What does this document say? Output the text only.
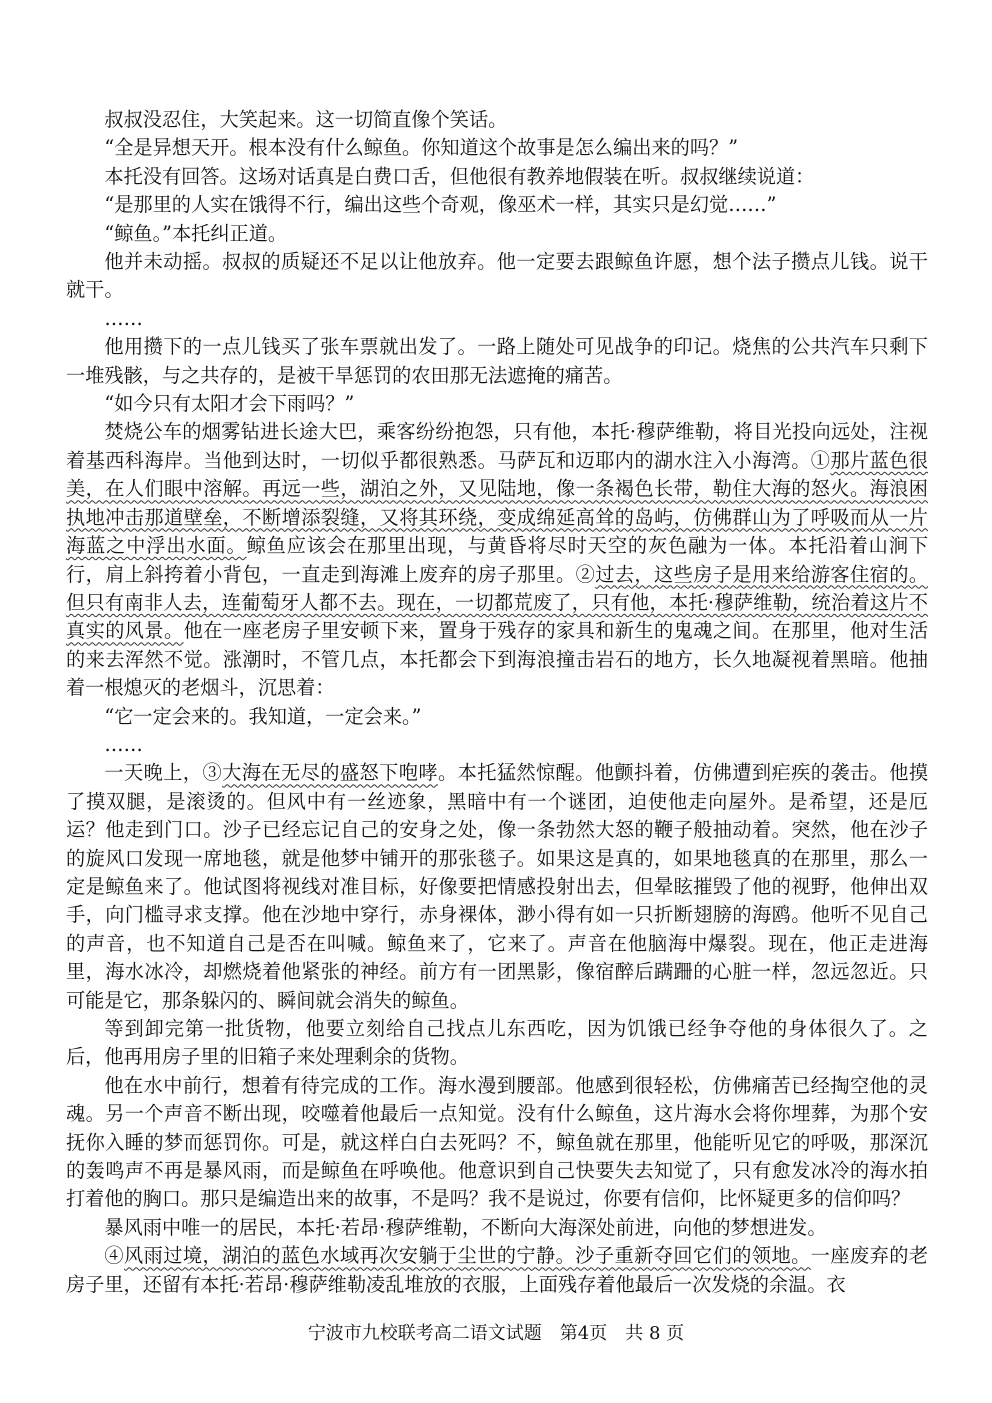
叔叔没忍住，大笑起来。这一切简直像个笑话。

“全是异想天开。根本没有什么鲸鱼。你知道这个故事是怎么编出来的吗？”

本托没有回答。这场对话真是白费口舌，但他很有教养地假装在听。叔叔继续说道：

“是那里的人实在饿得不行，编出这些个奇观，像巫术一样，其实只是幻觉……”

“鲸鱼。”本托纠正道。

他并未动摇。叔叔的质疑还不足以让他放弃。他一定要去跟鲸鱼许愿，想个法子攒点儿钱。说干就干。

……

他用攒下的一点儿钱买了张车票就出发了。一路上随处可见战争的印记。烧焦的公共汽车只剩下一堆残骸，与之共存的，是被干旱惩罚的农田那无法遮掩的痛苦。

“如今只有太阳才会下雨吗？”

焚烧公车的烟雾钻进长途大巴，乘客纷纷抱怨，只有他，本托·穆萨维勒，将目光投向远处，注视着基西科海岸。当他到达时，一切似乎都很熟悉。马萨瓦和迈耶内的湖水注入小海湾。①那片蓝色很美，在人们眼中溶解。再远一些，湖泊之外，又见陆地，像一条褐色长带，勒住大海的怒火。海浪困执地冲击那道壁垒，不断增添裂缝，又将其环绕，变成绵延高耸的岛屿，仿佛群山为了呼吸而从一片海蓝之中浮出水面。鲸鱼应该会在那里出现，与黄昏将尽时天空的灰色融为一体。本托沿着山涧下行，肩上斜挎着小背包，一直走到海滩上废弃的房子那里。②过去，这些房子是用来给游客住宿的。但只有南非人去，连葡萄牙人都不去。现在，一切都荒废了，只有他，本托·穆萨维勒，统治着这片不真实的风景。他在一座老房子里安顿下来，置身于残存的家具和新生的鬼魂之间。在那里，他对生活的来去浑然不觉。涨潮时，不管几点，本托都会下到海浪撞击岩石的地方，长久地凝视着黑暗。他抽着一根熄灭的老烟斗，沉思着：

“它一定会来的。我知道，一定会来。”

……

一天晚上，③大海在无尽的盛怒下咆哮。本托猛然惊醒。他颤抖着，仿佛遭到疟疾的袭击。他摸了摸双腿，是滚烫的。但风中有一丝迹象，黑暗中有一个谜团，迫使他走向屋外。是希望，还是厄运？他走到门口。沙子已经忘记自己的安身之处，像一条勃然大怒的鞭子般抽动着。突然，他在沙子的旋风口发现一席地毯，就是他梦中铺开的那张毯子。如果这是真的，如果地毯真的在那里，那么一定是鲸鱼来了。他试图将视线对准目标，好像要把情感投射出去，但晕眩摧毁了他的视野，他伸出双手，向门槛寻求支撑。他在沙地中穿行，赤身裸体，渺小得有如一只折断翅膀的海鸥。他听不见自己的声音，也不知道自己是否在叫喊。鲸鱼来了，它来了。声音在他脑海中爆裂。现在，他正走进海里，海水冰冷，却燃烧着他紧张的神经。前方有一团黑影，像宿醉后蹒跚的心脏一样，忽远忽近。只可能是它，那条躲闪的、瞬间就会消失的鲸鱼。

等到卸完第一批货物，他要立刻给自己找点儿东西吃，因为饥饿已经争夺他的身体很久了。之后，他再用房子里的旧箱子来处理剩余的货物。

他在水中前行，想着有待完成的工作。海水漫到腰部。他感到很轻松，仿佛痛苦已经掏空他的灵魂。另一个声音不断出现，咬噬着他最后一点知觉。没有什么鲸鱼，这片海水会将你埋葬，为那个安抚你入睡的梦而惩罚你。可是，就这样白白去死吗？不，鲸鱼就在那里，他能听见它的呼吸，那深沉的轰鸣声不再是暴风雨，而是鲸鱼在呼唤他。他意识到自己快要失去知觉了，只有愈发冰冷的海水拍打着他的胸口。那只是编造出来的故事，不是吗？我不是说过，你要有信仰，比怀疑更多的信仰吗？

暴风雨中唯一的居民，本托·若昂·穆萨维勒，不断向大海深处前进，向他的梦想进发。

④风雨过境，湖泊的蓝色水域再次安躺于尘世的宁静。沙子重新夺回它们的领地。一座废弃的老房子里，还留有本托·若昂·穆萨维勒凌乱堆放的衣服，上面残存着他最后一次发烧的余温。衣

宁波市九校联考高二语文试题　第4页　共 8 页
